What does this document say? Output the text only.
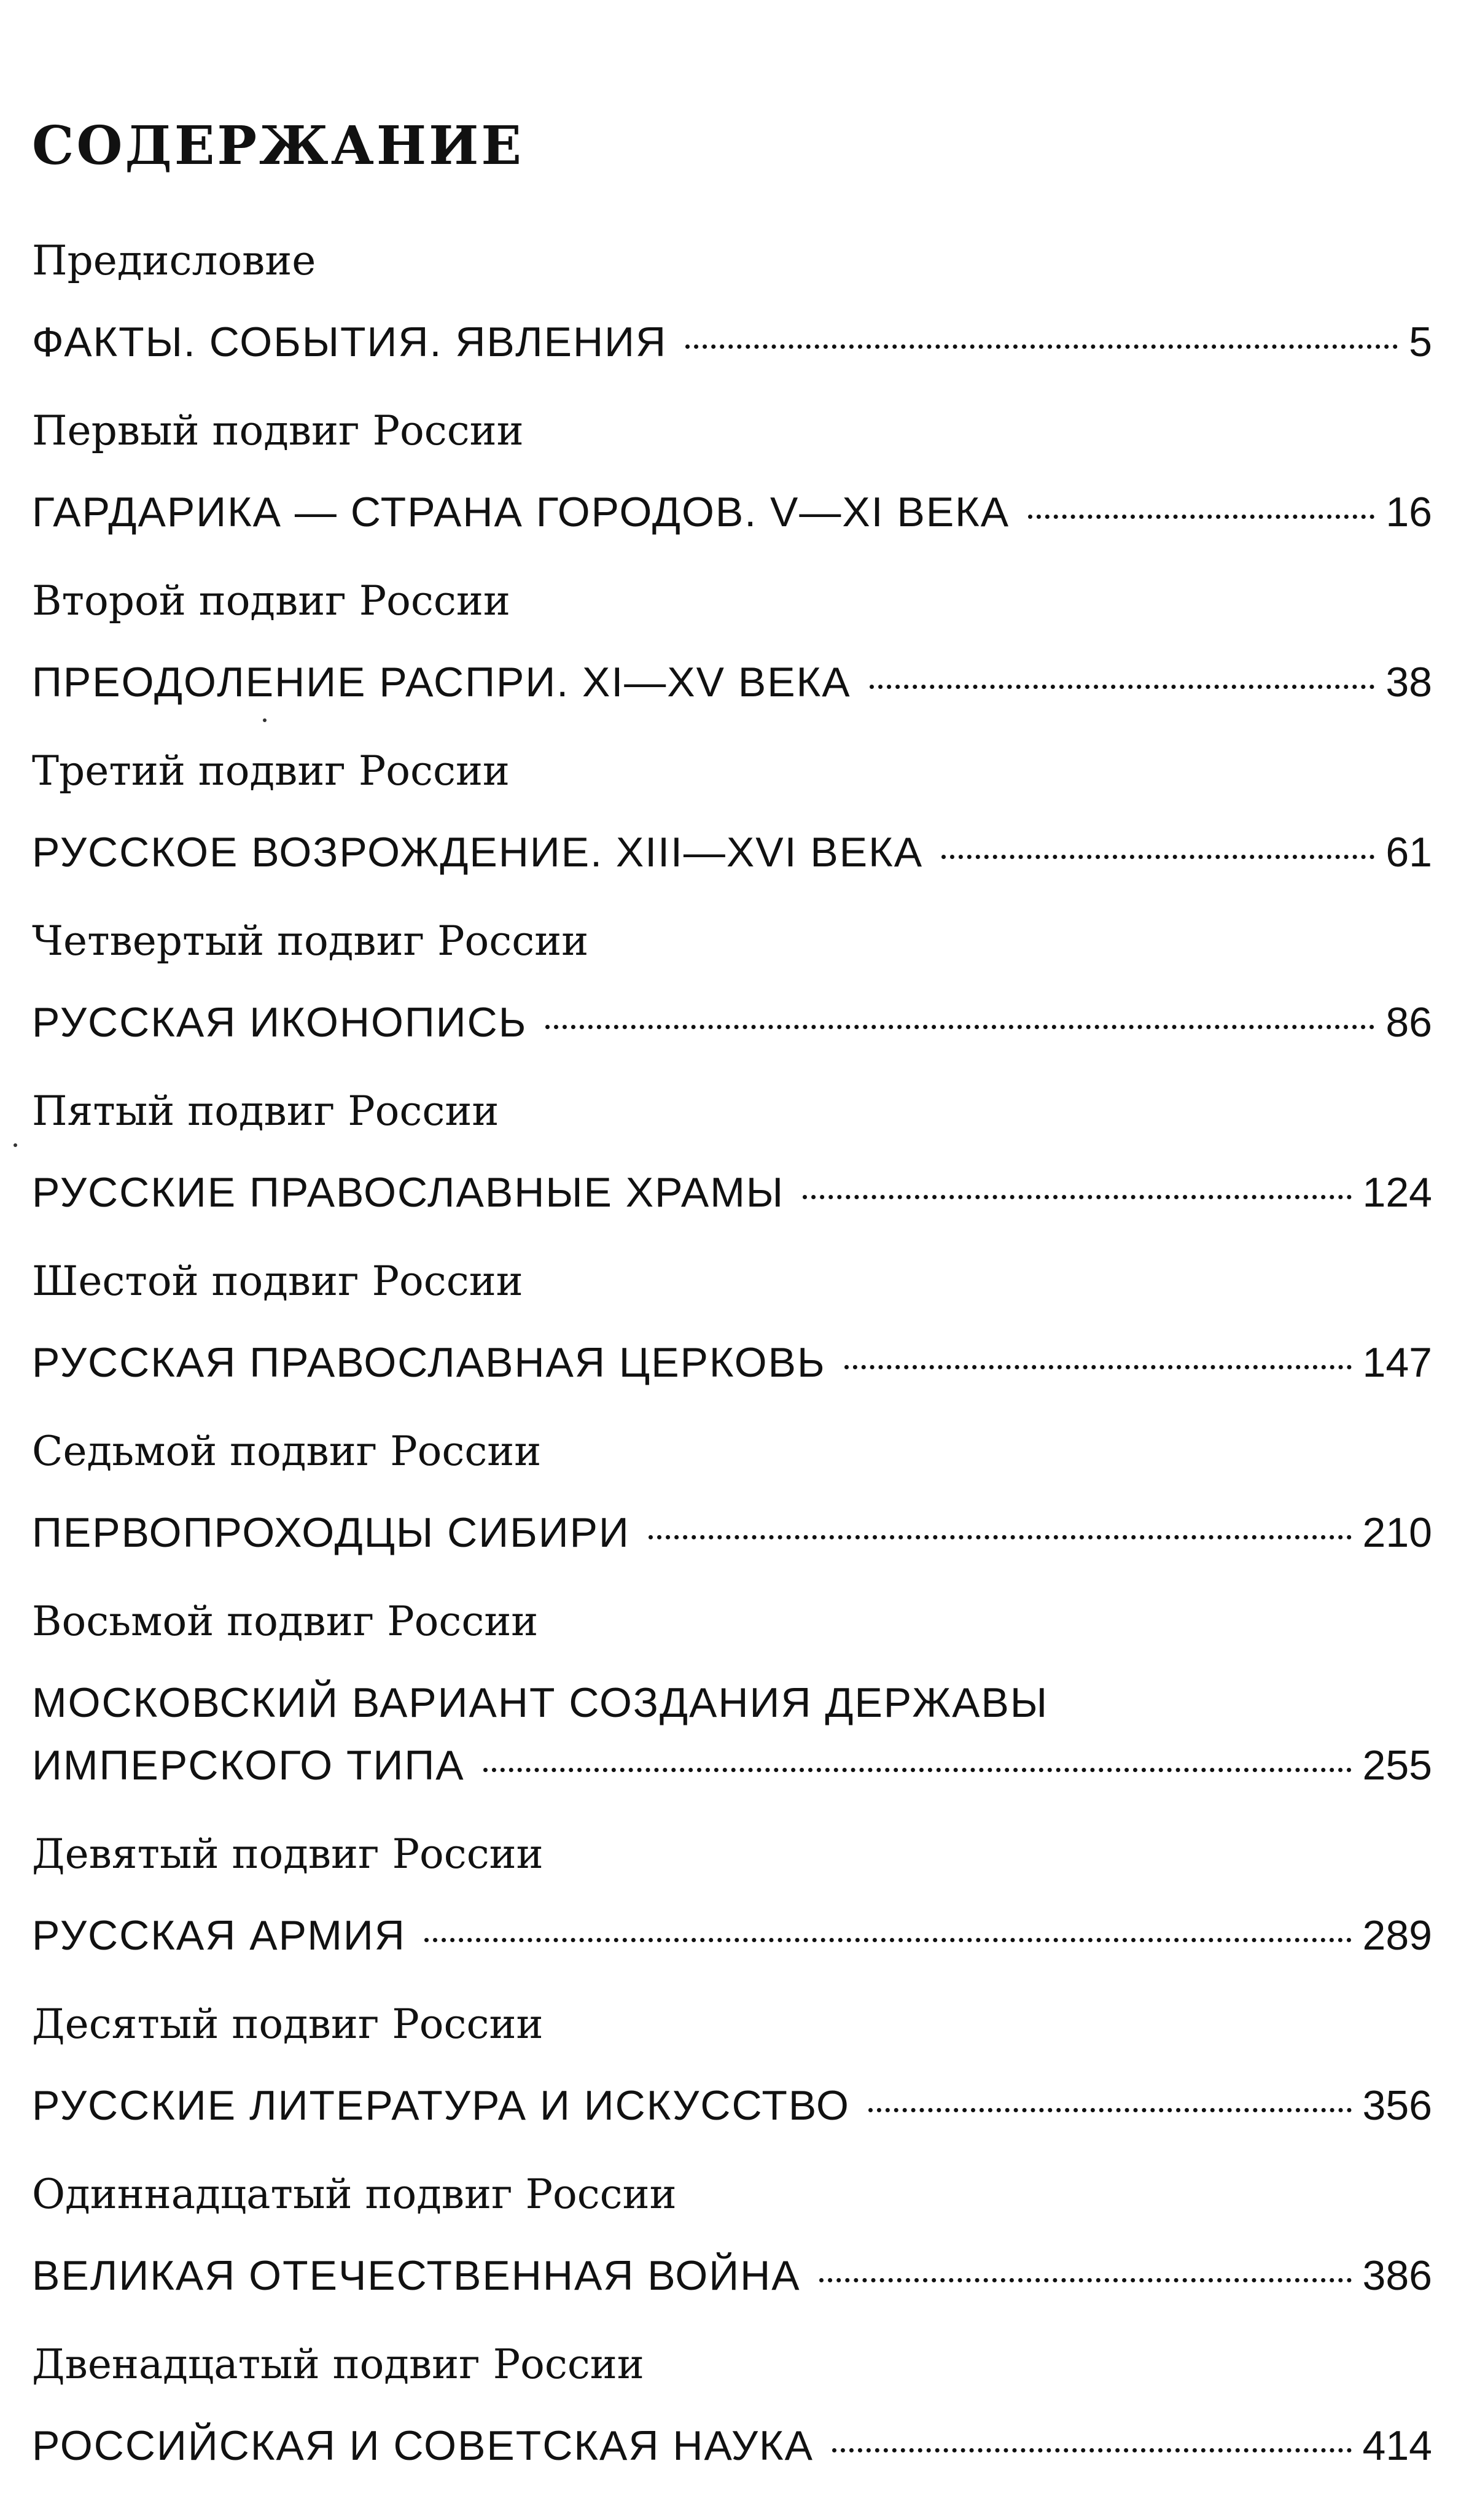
СОДЕРЖАНИЕ
Предисловие
ФАКТЫ. СОБЫТИЯ. ЯВЛЕНИЯ	5
Первый подвиг России
ГАРДАРИКА — СТРАНА ГОРОДОВ. V—XI ВЕКА	16
Второй подвиг России
ПРЕОДОЛЕНИЕ РАСПРИ. XI—XV ВЕКА	38
Третий подвиг России
РУССКОЕ ВОЗРОЖДЕНИЕ. XIII—XVI ВЕКА	61
Четвертый подвиг России
РУССКАЯ ИКОНОПИСЬ	86
Пятый подвиг России
РУССКИЕ ПРАВОСЛАВНЫЕ ХРАМЫ	124
Шестой подвиг России
РУССКАЯ ПРАВОСЛАВНАЯ ЦЕРКОВЬ	147
Седьмой подвиг России
ПЕРВОПРОХОДЦЫ СИБИРИ	210
Восьмой подвиг России
МОСКОВСКИЙ ВАРИАНТ СОЗДАНИЯ ДЕРЖАВЫ
ИМПЕРСКОГО ТИПА	255
Девятый подвиг России
РУССКАЯ АРМИЯ	289
Десятый подвиг России
РУССКИЕ ЛИТЕРАТУРА И ИСКУССТВО	356
Одиннадцатый подвиг России
ВЕЛИКАЯ ОТЕЧЕСТВЕННАЯ ВОЙНА	386
Двенадцатый подвиг России
РОССИЙСКАЯ И СОВЕТСКАЯ НАУКА	414
